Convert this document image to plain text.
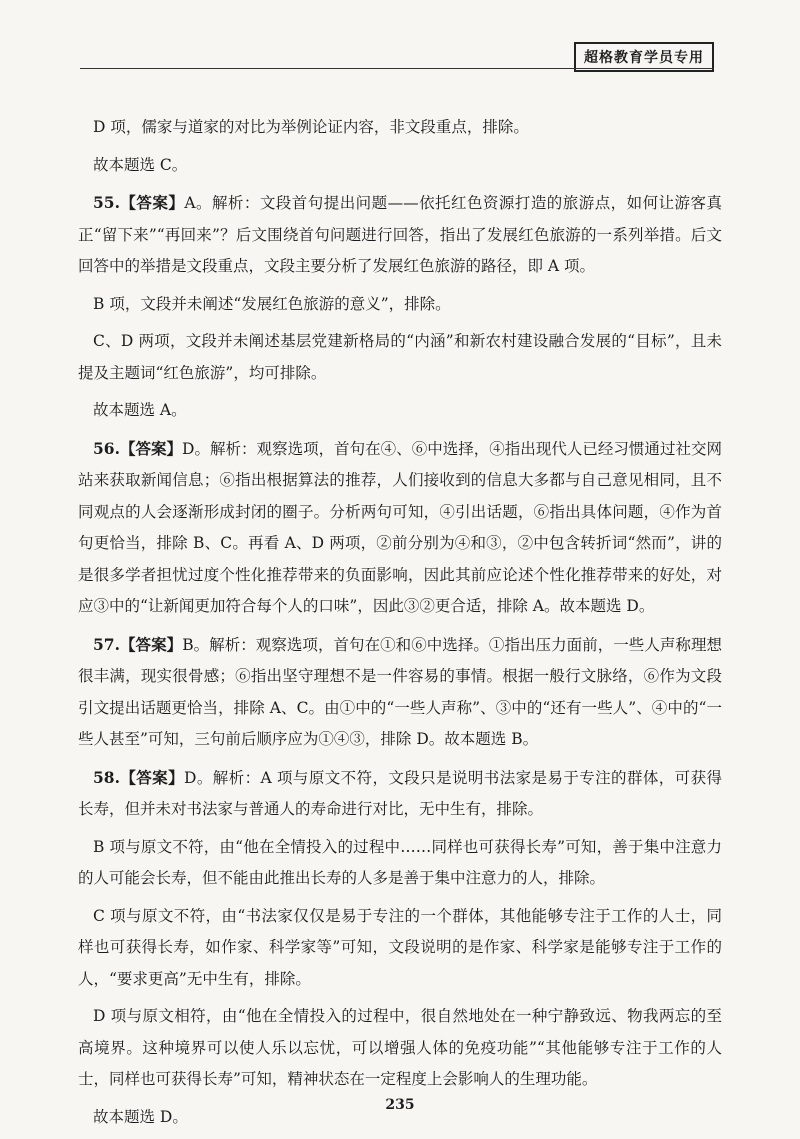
超格教育学员专用

D 项，儒家与道家的对比为举例论证内容，非文段重点，排除。

故本题选 C。

55.【答案】A。解析：文段首句提出问题——依托红色资源打造的旅游点，如何让游客真正“留下来”“再回来”？后文围绕首句问题进行回答，指出了发展红色旅游的一系列举措。后文回答中的举措是文段重点，文段主要分析了发展红色旅游的路径，即 A 项。

B 项，文段并未阐述“发展红色旅游的意义”，排除。

C、D 两项，文段并未阐述基层党建新格局的“内涵”和新农村建设融合发展的“目标”，且未提及主题词“红色旅游”，均可排除。

故本题选 A。

56.【答案】D。解析：观察选项，首句在④、⑥中选择，④指出现代人已经习惯通过社交网站来获取新闻信息；⑥指出根据算法的推荐，人们接收到的信息大多都与自己意见相同，且不同观点的人会逐渐形成封闭的圈子。分析两句可知，④引出话题，⑥指出具体问题，④作为首句更恰当，排除 B、C。再看 A、D 两项，②前分别为④和③，②中包含转折词“然而”，讲的是很多学者担忧过度个性化推荐带来的负面影响，因此其前应论述个性化推荐带来的好处，对应③中的“让新闻更加符合每个人的口味”，因此③②更合适，排除 A。故本题选 D。

57.【答案】B。解析：观察选项，首句在①和⑥中选择。①指出压力面前，一些人声称理想很丰满，现实很骨感；⑥指出坚守理想不是一件容易的事情。根据一般行文脉络，⑥作为文段引文提出话题更恰当，排除 A、C。由①中的“一些人声称”、③中的“还有一些人”、④中的“一些人甚至”可知，三句前后顺序应为①④③，排除 D。故本题选 B。

58.【答案】D。解析：A 项与原文不符，文段只是说明书法家是易于专注的群体，可获得长寿，但并未对书法家与普通人的寿命进行对比，无中生有，排除。

B 项与原文不符，由“他在全情投入的过程中……同样也可获得长寿”可知，善于集中注意力的人可能会长寿，但不能由此推出长寿的人多是善于集中注意力的人，排除。

C 项与原文不符，由“书法家仅仅是易于专注的一个群体，其他能够专注于工作的人士，同样也可获得长寿，如作家、科学家等”可知，文段说明的是作家、科学家是能够专注于工作的人，“要求更高”无中生有，排除。

D 项与原文相符，由“他在全情投入的过程中，很自然地处在一种宁静致远、物我两忘的至高境界。这种境界可以使人乐以忘忧，可以增强人体的免疫功能”“其他能够专注于工作的人士，同样也可获得长寿”可知，精神状态在一定程度上会影响人的生理功能。

故本题选 D。

235
